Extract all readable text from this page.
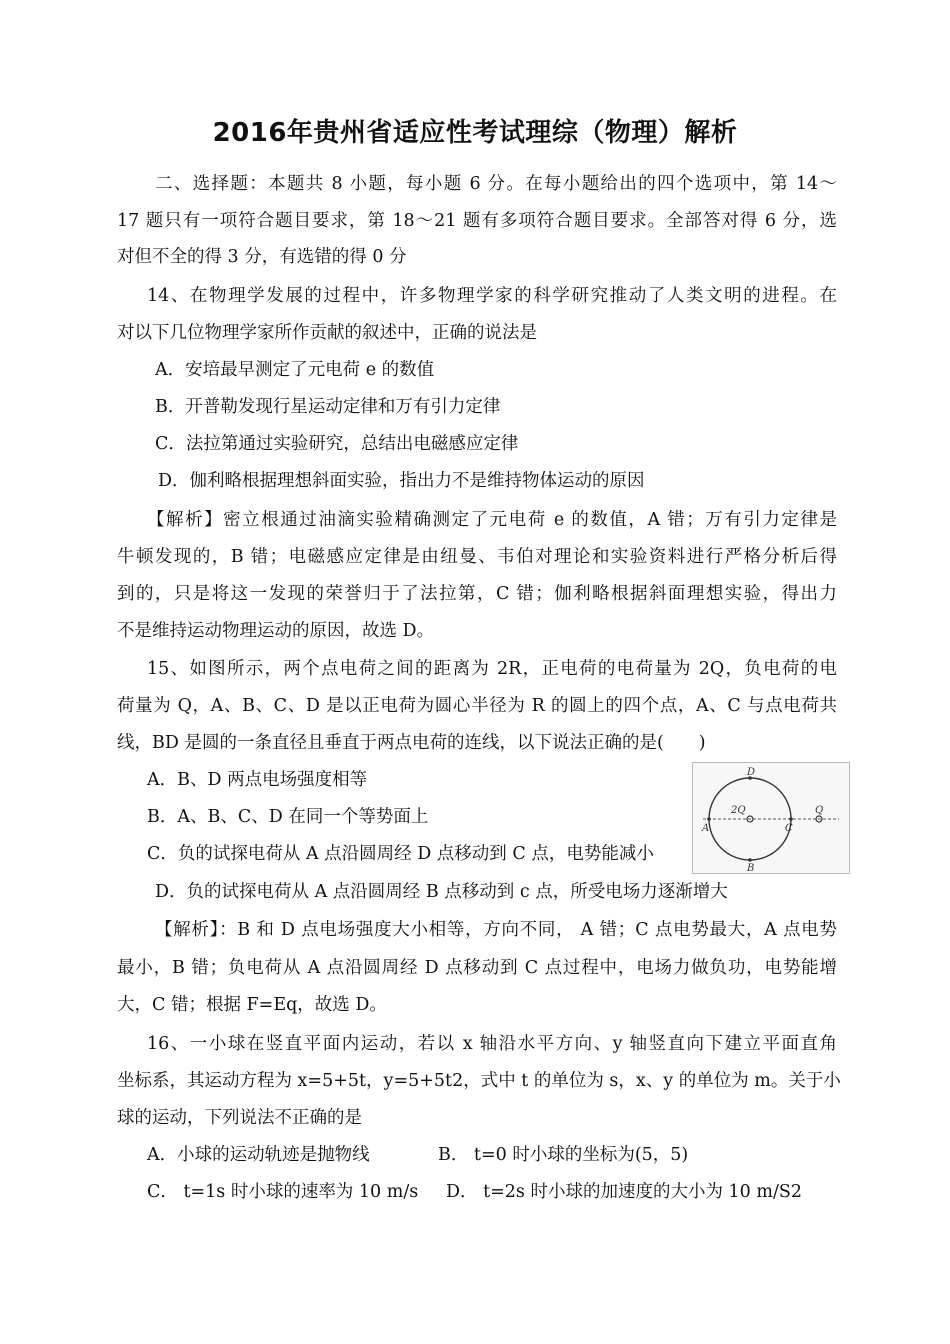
2016年贵州省适应性考试理综（物理）解析
二、选择题：本题共 8 小题，每小题 6 分。在每小题给出的四个选项中，第 14～
17 题只有一项符合题目要求，第 18～21 题有多项符合题目要求。全部答对得 6 分，选
对但不全的得 3 分，有选错的得 0 分
14、在物理学发展的过程中，许多物理学家的科学研究推动了人类文明的进程。在
对以下几位物理学家所作贡献的叙述中，正确的说法是
A．安培最早测定了元电荷 e 的数值
B．开普勒发现行星运动定律和万有引力定律
C．法拉第通过实验研究，总结出电磁感应定律
D．伽利略根据理想斜面实验，指出力不是维持物体运动的原因
【解析】密立根通过油滴实验精确测定了元电荷 e 的数值，A 错；万有引力定律是
牛顿发现的，B 错；电磁感应定律是由纽曼、韦伯对理论和实验资料进行严格分析后得
到的，只是将这一发现的荣誉归于了法拉第，C 错；伽利略根据斜面理想实验，得出力
不是维持运动物理运动的原因，故选 D。
15、如图所示，两个点电荷之间的距离为 2R，正电荷的电荷量为 2Q，负电荷的电
荷量为 Q，A、B、C、D 是以正电荷为圆心半径为 R 的圆上的四个点，A、C 与点电荷共
线，BD 是圆的一条直径且垂直于两点电荷的连线，以下说法正确的是(　　)
A．B、D 两点电场强度相等
B．A、B、C、D 在同一个等势面上
C．负的试探电荷从 A 点沿圆周经 D 点移动到 C 点，电势能减小
D．负的试探电荷从 A 点沿圆周经 B 点移动到 c 点，所受电场力逐渐增大
D
2Q	Q
A	C
B
【解析】：B 和 D 点电场强度大小相等，方向不同， A 错；C 点电势最大，A 点电势
最小，B 错；负电荷从 A 点沿圆周经 D 点移动到 C 点过程中，电场力做负功，电势能增
大，C 错；根据 F=Eq，故选 D。
16、一小球在竖直平面内运动，若以 x 轴沿水平方向、y 轴竖直向下建立平面直角
坐标系，其运动方程为 x=5+5t，y=5+5t2，式中 t 的单位为 s，x、y 的单位为 m。关于小
球的运动，下列说法不正确的是
A．小球的运动轨迹是抛物线	B． t=0 时小球的坐标为(5，5)
C． t=1s 时小球的速率为 10 m/s D． t=2s 时小球的加速度的大小为 10 m/S2
